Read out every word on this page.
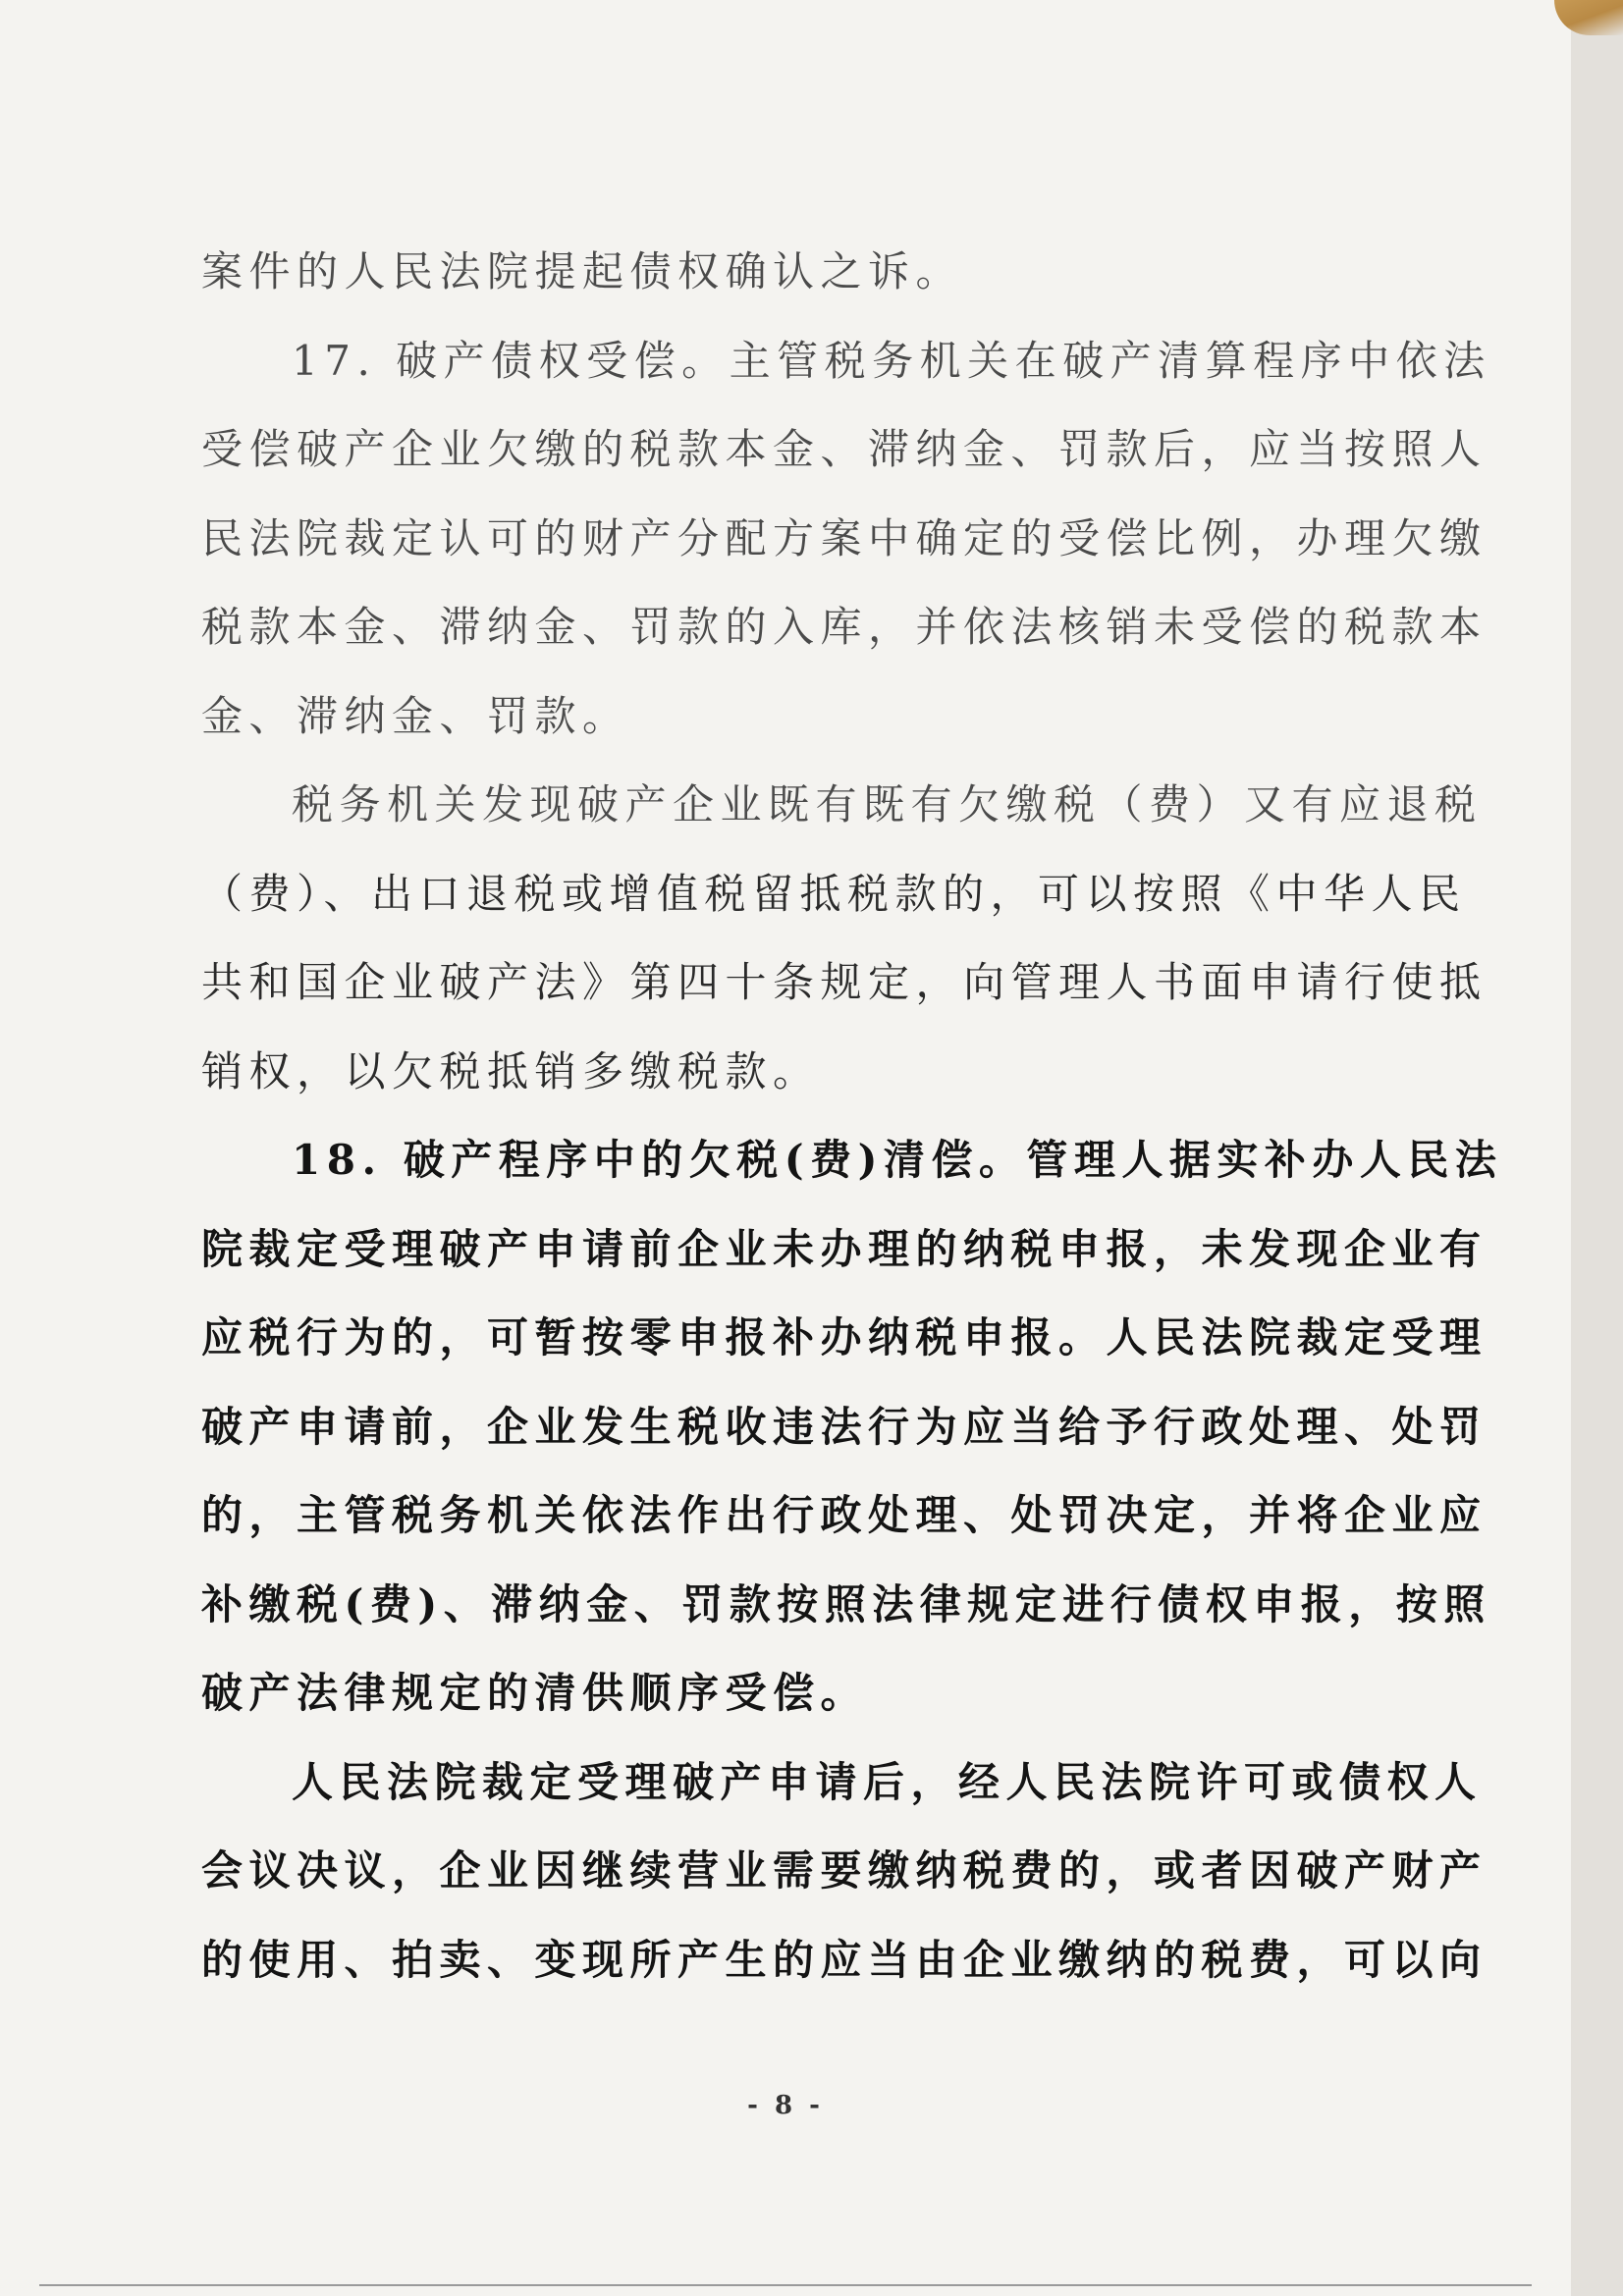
案件的人民法院提起债权确认之诉。
17. 破产债权受偿。主管税务机关在破产清算程序中依法
受偿破产企业欠缴的税款本金、滞纳金、罚款后，应当按照人
民法院裁定认可的财产分配方案中确定的受偿比例，办理欠缴
税款本金、滞纳金、罚款的入库，并依法核销未受偿的税款本
金、滞纳金、罚款。
税务机关发现破产企业既有既有欠缴税（费）又有应退税
（费）、出口退税或增值税留抵税款的，可以按照《中华人民
共和国企业破产法》第四十条规定，向管理人书面申请行使抵
销权，以欠税抵销多缴税款。
18. 破产程序中的欠税(费)清偿。管理人据实补办人民法
院裁定受理破产申请前企业未办理的纳税申报，未发现企业有
应税行为的，可暂按零申报补办纳税申报。人民法院裁定受理
破产申请前，企业发生税收违法行为应当给予行政处理、处罚
的，主管税务机关依法作出行政处理、处罚决定，并将企业应
补缴税(费)、滞纳金、罚款按照法律规定进行债权申报，按照
破产法律规定的清供顺序受偿。
人民法院裁定受理破产申请后，经人民法院许可或债权人
会议决议，企业因继续营业需要缴纳税费的，或者因破产财产
的使用、拍卖、变现所产生的应当由企业缴纳的税费，可以向
- 8 -
